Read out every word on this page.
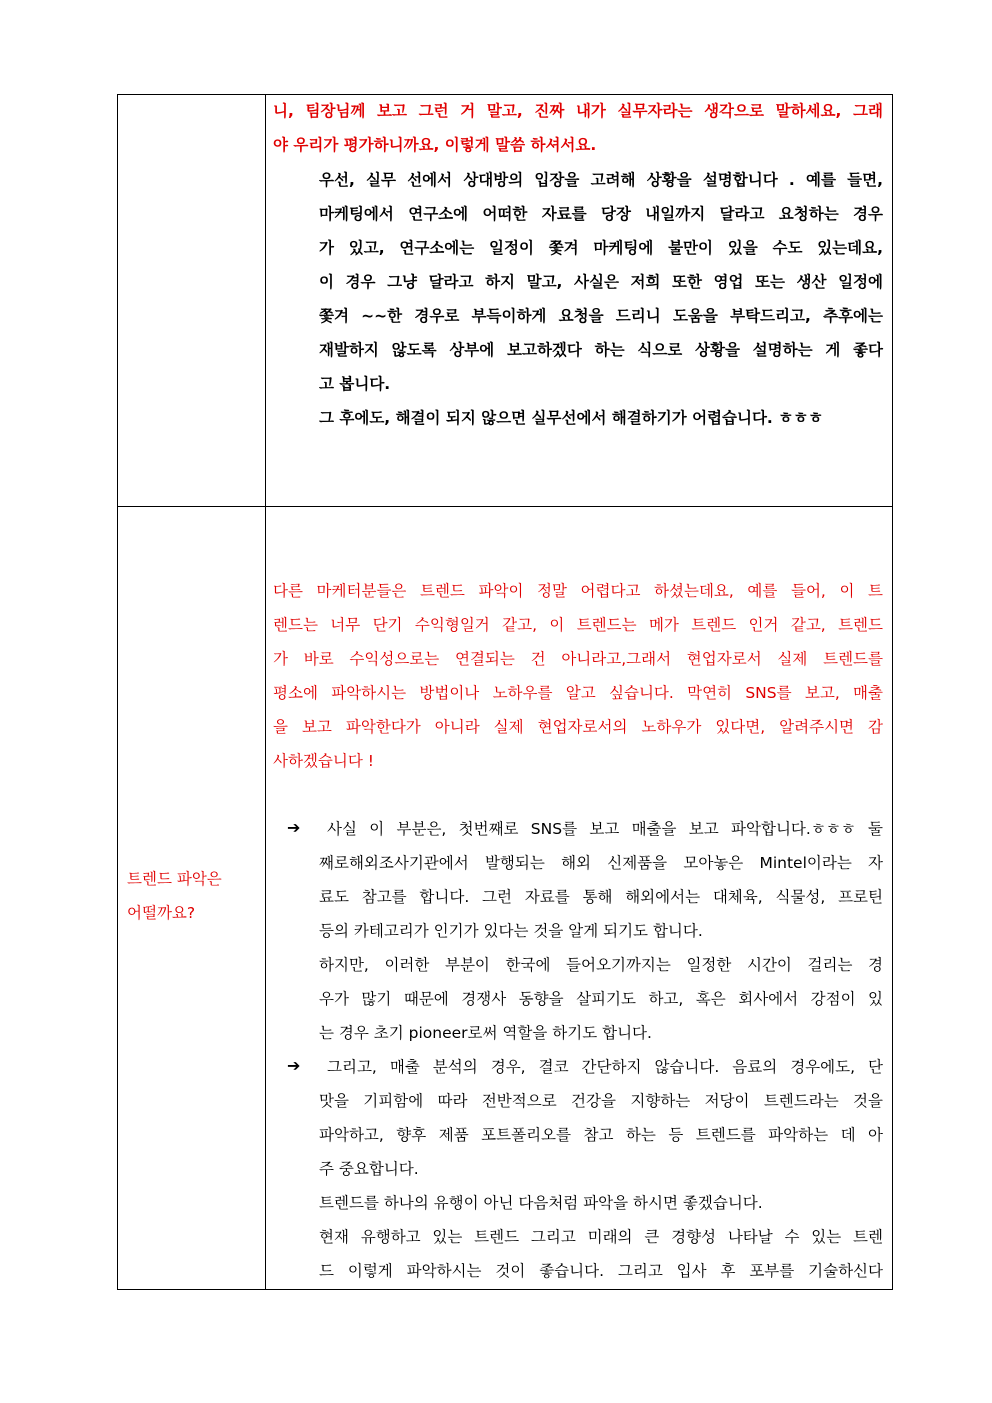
니, 팀장님께 보고 그런 거 말고, 진짜 내가 실무자라는 생각으로 말하세요, 그래
야 우리가 평가하니까요, 이렇게 말씀 하셔서요.
우선, 실무 선에서 상대방의 입장을 고려해 상황을 설명합니다 . 예를 들면,
마케팅에서 연구소에 어떠한 자료를 당장 내일까지 달라고 요청하는 경우
가 있고, 연구소에는 일정이 쫓겨 마케팅에 불만이 있을 수도 있는데요,
이 경우 그냥 달라고 하지 말고, 사실은 저희 또한 영업 또는 생산 일정에
쫓겨 ~~한 경우로 부득이하게 요청을 드리니 도움을 부탁드리고, 추후에는
재발하지 않도록 상부에 보고하겠다 하는 식으로 상황을 설명하는 게 좋다
고 봅니다.
그 후에도, 해결이 되지 않으면 실무선에서 해결하기가 어렵습니다. ㅎㅎㅎ
트렌드 파악은
어떨까요?
다른 마케터분들은 트렌드 파악이 정말 어렵다고 하셨는데요, 예를 들어, 이 트
렌드는 너무 단기 수익형일거 같고, 이 트렌드는 메가 트렌드 인거 같고, 트렌드
가 바로 수익성으로는 연결되는 건 아니라고,그래서 현업자로서 실제 트렌드를
평소에 파악하시는 방법이나 노하우를 알고 싶습니다. 막연히 SNS를 보고, 매출
을 보고 파악한다가 아니라 실제 현업자로서의 노하우가 있다면, 알려주시면 감
사하겠습니다 !
➔ 사실 이 부분은, 첫번째로 SNS를 보고 매출을 보고 파악합니다.ㅎㅎㅎ 둘
째로해외조사기관에서 발행되는 해외 신제품을 모아놓은 Mintel이라는 자
료도 참고를 합니다. 그런 자료를 통해 해외에서는 대체육, 식물성, 프로틴
등의 카테고리가 인기가 있다는 것을 알게 되기도 합니다.
하지만, 이러한 부분이 한국에 들어오기까지는 일정한 시간이 걸리는 경
우가 많기 때문에 경쟁사 동향을 살피기도 하고, 혹은 회사에서 강점이 있
는 경우 초기 pioneer로써 역할을 하기도 합니다.
➔ 그리고, 매출 분석의 경우, 결코 간단하지 않습니다. 음료의 경우에도, 단
맛을 기피함에 따라 전반적으로 건강을 지향하는 저당이 트렌드라는 것을
파악하고, 향후 제품 포트폴리오를 참고 하는 등 트렌드를 파악하는 데 아
주 중요합니다.
트렌드를 하나의 유행이 아닌 다음처럼 파악을 하시면 좋겠습니다.
현재 유행하고 있는 트렌드 그리고 미래의 큰 경향성 나타날 수 있는 트렌
드 이렇게 파악하시는 것이 좋습니다. 그리고 입사 후 포부를 기술하신다
